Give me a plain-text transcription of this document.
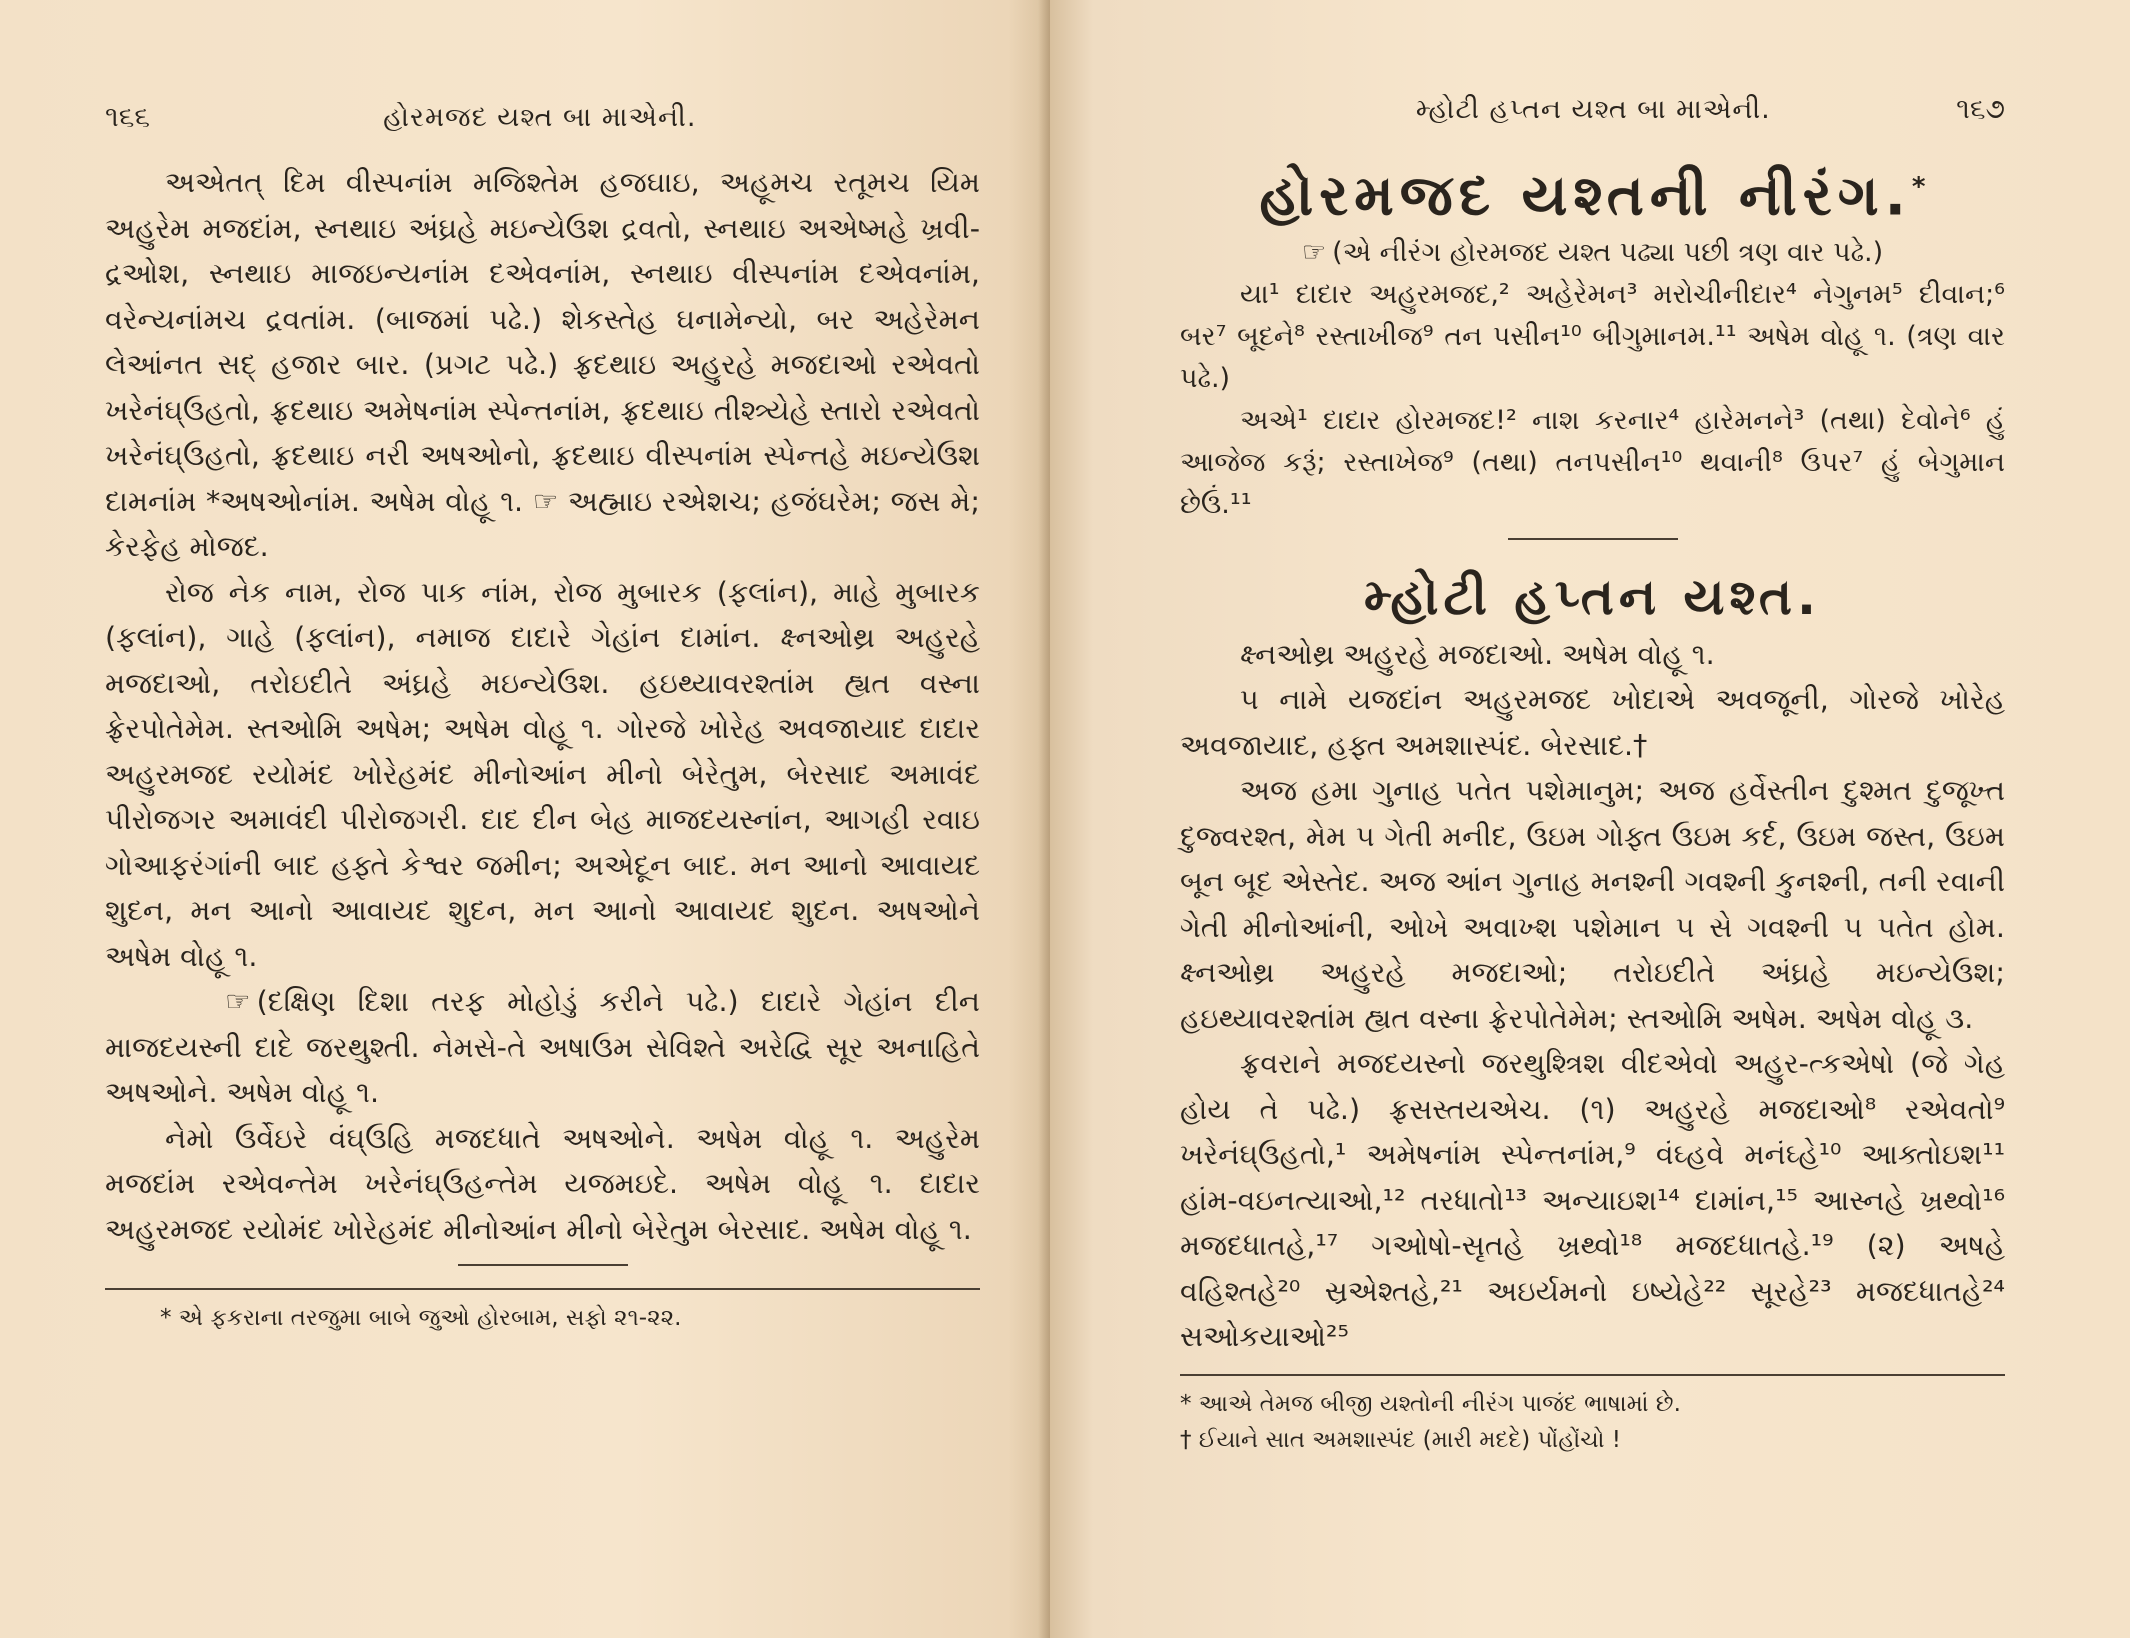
૧૬૬	હોરમજદ યશ્ત બા માએની.

અએતત્ દિમ વીસ્પનાંમ મજિશ્તેમ હજઘાઇ, અહૂમચ રતૂમચ યિમ અહુરેમ મજદાંમ, સ્નથાઇ અંઘ્રહે મઇન્યેઉશ દ્રવતો, સ્નથાઇ અએષ્મહે ખ્રવી-દ્રઓશ, સ્નથાઇ માજઇન્યનાંમ દએવનાંમ, સ્નથાઇ વીસ્પનાંમ દએવનાંમ, વરેન્યનાંમચ દ્રવતાંમ. (બાજમાં પઢે.) શેકસ્તેહ ઘનામેન્યો, બર અહેરેમન લેઆંનત સદ્ હજાર બાર. (પ્રગટ પઢે.) ફ્રદથાઇ અહુરહે મજદાઓ રએવતો ખરેનંઘ્ઉહતો, ફ્રદથાઇ અમેષનાંમ સ્પેન્તનાંમ, ફ્રદથાઇ તીશ્ત્ર્યેહે સ્તારો રએવતો ખરેનંઘ્ઉહતો, ફ્રદથાઇ નરી અષઓનો, ફ્રદથાઇ વીસ્પનાંમ સ્પેન્તહે મઇન્યેઉશ દામનાંમ *અષઓનાંમ. અષેમ વોહૂ ૧. ☞ અહ્માઇ રએશચ; હજંઘરેમ; જસ મે; કેરફેહ મોજદ.

રોજ નેક નામ, રોજ પાક નાંમ, રોજ મુબારક (ફલાંન), માહે મુબારક (ફલાંન), ગાહે (ફલાંન), નમાજ દાદારે ગેહાંન દામાંન. ક્ષ્નઓથ્ર અહુરહે મજદાઓ, તરોઇદીતે અંઘ્રહે મઇન્યેઉશ. હઇથ્યાવરશ્તાંમ હ્યત વસ્ના ફ્રેરપોતેમેમ. સ્તઓમિ અષેમ; અષેમ વોહૂ ૧. ગોરજે ખોરેહ અવજાયાદ દાદાર અહુરમજદ રયોમંદ ખોરેહમંદ મીનોઆંન મીનો બેરેતુમ, બેરસાદ અમાવંદ પીરોજગર અમાવંદી પીરોજગરી. દાદ દીન બેહ માજદયસ્નાંન, આગહી રવાઇ ગોઆફરંગાંની બાદ હફ્તે કેશ્વર જમીન; અએદૂન બાદ. મન આનો આવાયદ શુદન, મન આનો આવાયદ શુદન, મન આનો આવાયદ શુદન. અષઓને અષેમ વોહૂ ૧.

☞ (દક્ષિણ દિશા તરફ મોહોડું કરીને પઢે.) દાદારે ગેહાંન દીન માજદયસ્ની દાદે જરથુશ્તી. નેમસે-તે અષાઉમ સેવિશ્તે અરેદ્વિ સૂર અનાહિતે અષઓને. અષેમ વોહૂ ૧.

નેમો ઉર્વેઇરે વંઘ્ઉહિ મજદધાતે અષઓને. અષેમ વોહૂ ૧. અહુરેમ મજદાંમ રએવન્તેમ ખરેનંઘ્ઉહન્તેમ યજમઇદે. અષેમ વોહૂ ૧. દાદાર અહુરમજદ રયોમંદ ખોરેહમંદ મીનોઆંન મીનો બેરેતુમ બેરસાદ. અષેમ વોહૂ ૧.

* એ ફકરાના તરજુમા બાબે જુઓ હોરબામ, સફો ૨૧-૨૨.
મ્હોટી હપ્તન યશ્ત બા માએની.	૧૬૭
હોરમજદ યશ્તની નીરંગ.*
☞ (એ નીરંગ હોરમજદ યશ્ત પઢ્યા પછી ત્રણ વાર પઢે.)

યા¹ દાદાર અહુરમજદ,² અહેરેમન³ મરોચીનીદાર⁴ નેગુનમ⁵ દીવાન;⁶ બર⁷ બૂદને⁸ રસ્તાખીજ⁹ તન પસીન¹⁰ બીગુમાનમ.¹¹ અષેમ વોહૂ ૧. (ત્રણ વાર પઢે.)

અએ¹ દાદાર હોરમજદ!² નાશ કરનાર⁴ હારેમનને³ (તથા) દેવોને⁶ હું આજેજ કરૂં; રસ્તાખેજ⁹ (તથા) તનપસીન¹⁰ થવાની⁸ ઉપર⁷ હું બેગુમાન છેઉં.¹¹

મ્હોટી હપ્તન યશ્ત.

ક્ષ્નઓથ્ર અહુરહે મજદાઓ. અષેમ વોહૂ ૧.

૫ નામે યજદાંન અહુરમજદ ખોદાએ અવજૂની, ગોરજે ખોરેહ અવજાયાદ, હફ્ત અમશાસ્પંદ. બેરસાદ.†

અજ હમા ગુનાહ પતેત પશેમાનુમ; અજ હર્વેસ્તીન દુશ્મત દુજૂખ્ત દુજ્વરશ્ત, મેમ ૫ ગેતી મનીદ, ઉઇમ ગોફ્ત ઉઇમ કર્દ, ઉઇમ જસ્ત, ઉઇમ બૂન બૂદ એસ્તેદ. અજ આંન ગુનાહ મનશ્ની ગવશ્ની કુનશ્ની, તની રવાની ગેતી મીનોઆંની, ઓખે અવાખ્શ પશેમાન ૫ સે ગવશ્ની ૫ પતેત હોમ. ક્ષ્નઓથ્ર અહુરહે મજદાઓ; તરોઇદીતે અંઘ્રહે મઇન્યેઉશ; હઇથ્યાવરશ્તાંમ હ્યત વસ્ના ફ્રેરપોતેમેમ; સ્તઓમિ અષેમ. અષેમ વોહૂ ૩.

ફ્રવરાને મજદયસ્નો જરથુશ્ત્રિશ વીદએવો અહુર-ત્કએષો (જે ગેહ હોય તે પઢે.) ફ્રસસ્તયએચ. (૧) અહુરહે મજદાઓ⁸ રએવતો⁹ ખરેનંઘ્ઉહતો,¹ અમેષનાંમ સ્પેન્તનાંમ,⁹ વંઘ્હવે મનંઘ્હે¹⁰ આક્તોઇશ¹¹ હાંમ-વઇનત્યાઓ,¹² તરધાતો¹³ અન્યાઇશ¹⁴ દામાંન,¹⁵ આસ્નહે ખ્રથ્વો¹⁶ મજદધાતહે,¹⁷ ગઓષો-સૃતહે ખ્રથ્વો¹⁸ મજદધાતહે.¹⁹ (૨) અષહે વહિશ્તહે²⁰ સ્રએશ્તહે,²¹ અઇર્યમનો ઇષ્યેહે²² સૂરહે²³ મજદધાતહે²⁴ સઓકયાઓ²⁵

* આએ તેમજ બીજી યશ્તોની નીરંગ પાજંદ ભાષામાં છે.
† ઈયાને સાત અમશાસ્પંદ (મારી મદદે) પોંહોંચો !
